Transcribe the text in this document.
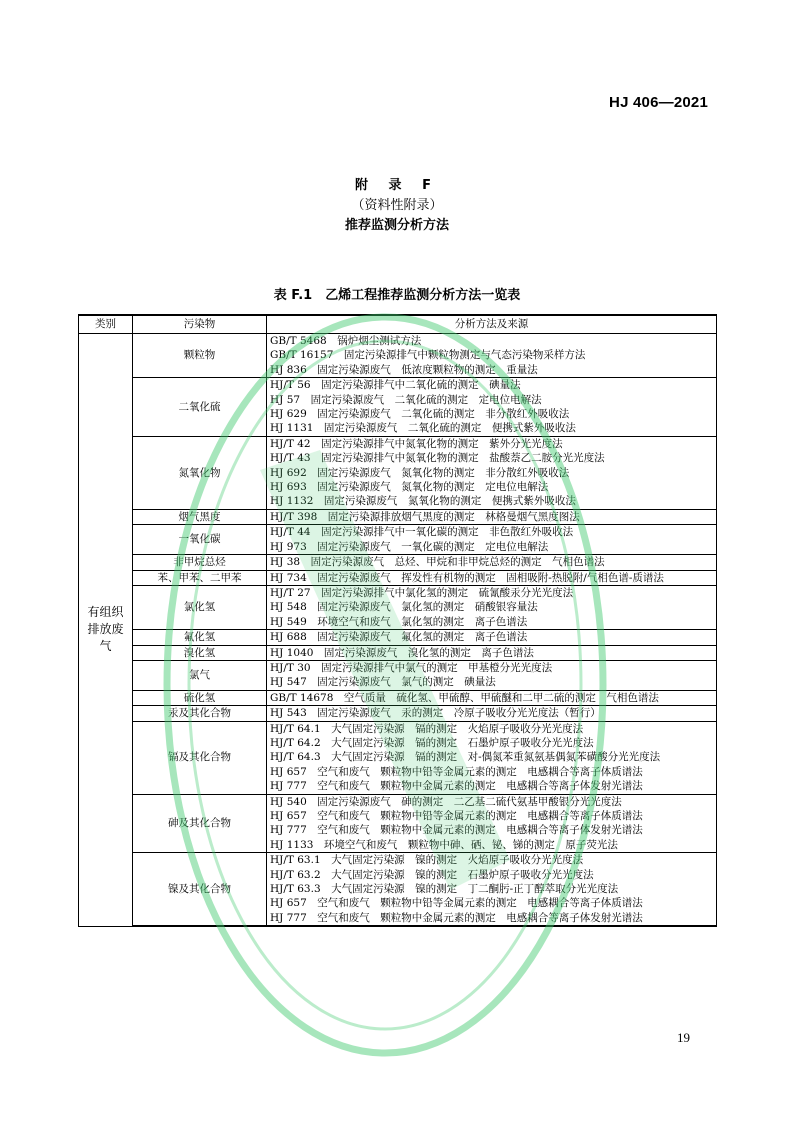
HJ 406—2021
附 录 F
（资料性附录）
推荐监测分析方法
表 F.1　乙烯工程推荐监测分析方法一览表
类别	污染物	分析方法及来源
有组织排放废气	颗粒物	GB/T 5468　锅炉烟尘测试方法
GB/T 16157　固定污染源排气中颗粒物测定与气态污染物采样方法
HJ 836　固定污染源废气　低浓度颗粒物的测定　重量法

	二氧化硫	HJ/T 56　固定污染源排气中二氧化硫的测定　碘量法
HJ 57　固定污染源废气　二氧化硫的测定　定电位电解法
HJ 629　固定污染源废气　二氧化硫的测定　非分散红外吸收法
HJ 1131　固定污染源废气　二氧化硫的测定　便携式紫外吸收法

	氮氧化物	HJ/T 42　固定污染源排气中氮氧化物的测定　紫外分光光度法
HJ/T 43　固定污染源排气中氮氧化物的测定　盐酸萘乙二胺分光光度法
HJ 692　固定污染源废气　氮氧化物的测定　非分散红外吸收法
HJ 693　固定污染源废气　氮氧化物的测定　定电位电解法
HJ 1132　固定污染源废气　氮氧化物的测定　便携式紫外吸收法

	烟气黑度	HJ/T 398　固定污染源排放烟气黑度的测定　林格曼烟气黑度图法

	一氧化碳	HJ/T 44　固定污染源排气中一氧化碳的测定　非色散红外吸收法
HJ 973　固定污染源废气　一氧化碳的测定　定电位电解法

	非甲烷总烃	HJ 38　固定污染源废气　总烃、甲烷和非甲烷总烃的测定　气相色谱法

	苯、甲苯、二甲苯	HJ 734　固定污染源废气　挥发性有机物的测定　固相吸附-热脱附/气相色谱-质谱法

	氯化氢	HJ/T 27　固定污染源排气中氯化氢的测定　硫氰酸汞分光光度法
HJ 548　固定污染源废气　氯化氢的测定　硝酸银容量法
HJ 549　环境空气和废气　氯化氢的测定　离子色谱法

	氟化氢	HJ 688　固定污染源废气　氟化氢的测定　离子色谱法

	溴化氢	HJ 1040　固定污染源废气　溴化氢的测定　离子色谱法

	氯气	HJ/T 30　固定污染源排气中氯气的测定　甲基橙分光光度法
HJ 547　固定污染源废气　氯气的测定　碘量法

	硫化氢	GB/T 14678　空气质量　硫化氢、甲硫醇、甲硫醚和二甲二硫的测定　气相色谱法

	汞及其化合物	HJ 543　固定污染源废气　汞的测定　冷原子吸收分光光度法（暂行）

	镉及其化合物	HJ/T 64.1　大气固定污染源　镉的测定　火焰原子吸收分光光度法
HJ/T 64.2　大气固定污染源　镉的测定　石墨炉原子吸收分光光度法
HJ/T 64.3　大气固定污染源　镉的测定　对-偶氮苯重氮氨基偶氮苯磺酸分光光度法
HJ 657　空气和废气　颗粒物中铅等金属元素的测定　电感耦合等离子体质谱法
HJ 777　空气和废气　颗粒物中金属元素的测定　电感耦合等离子体发射光谱法

	砷及其化合物	HJ 540　固定污染源废气　砷的测定　二乙基二硫代氨基甲酸银分光光度法
HJ 657　空气和废气　颗粒物中铅等金属元素的测定　电感耦合等离子体质谱法
HJ 777　空气和废气　颗粒物中金属元素的测定　电感耦合等离子体发射光谱法
HJ 1133　环境空气和废气　颗粒物中砷、硒、铋、锑的测定　原子荧光法

	镍及其化合物	HJ/T 63.1　大气固定污染源　镍的测定　火焰原子吸收分光光度法
HJ/T 63.2　大气固定污染源　镍的测定　石墨炉原子吸收分光光度法
HJ/T 63.3　大气固定污染源　镍的测定　丁二酮肟-正丁醇萃取分光光度法
HJ 657　空气和废气　颗粒物中铅等金属元素的测定　电感耦合等离子体质谱法
HJ 777　空气和废气　颗粒物中金属元素的测定　电感耦合等离子体发射光谱法
19
